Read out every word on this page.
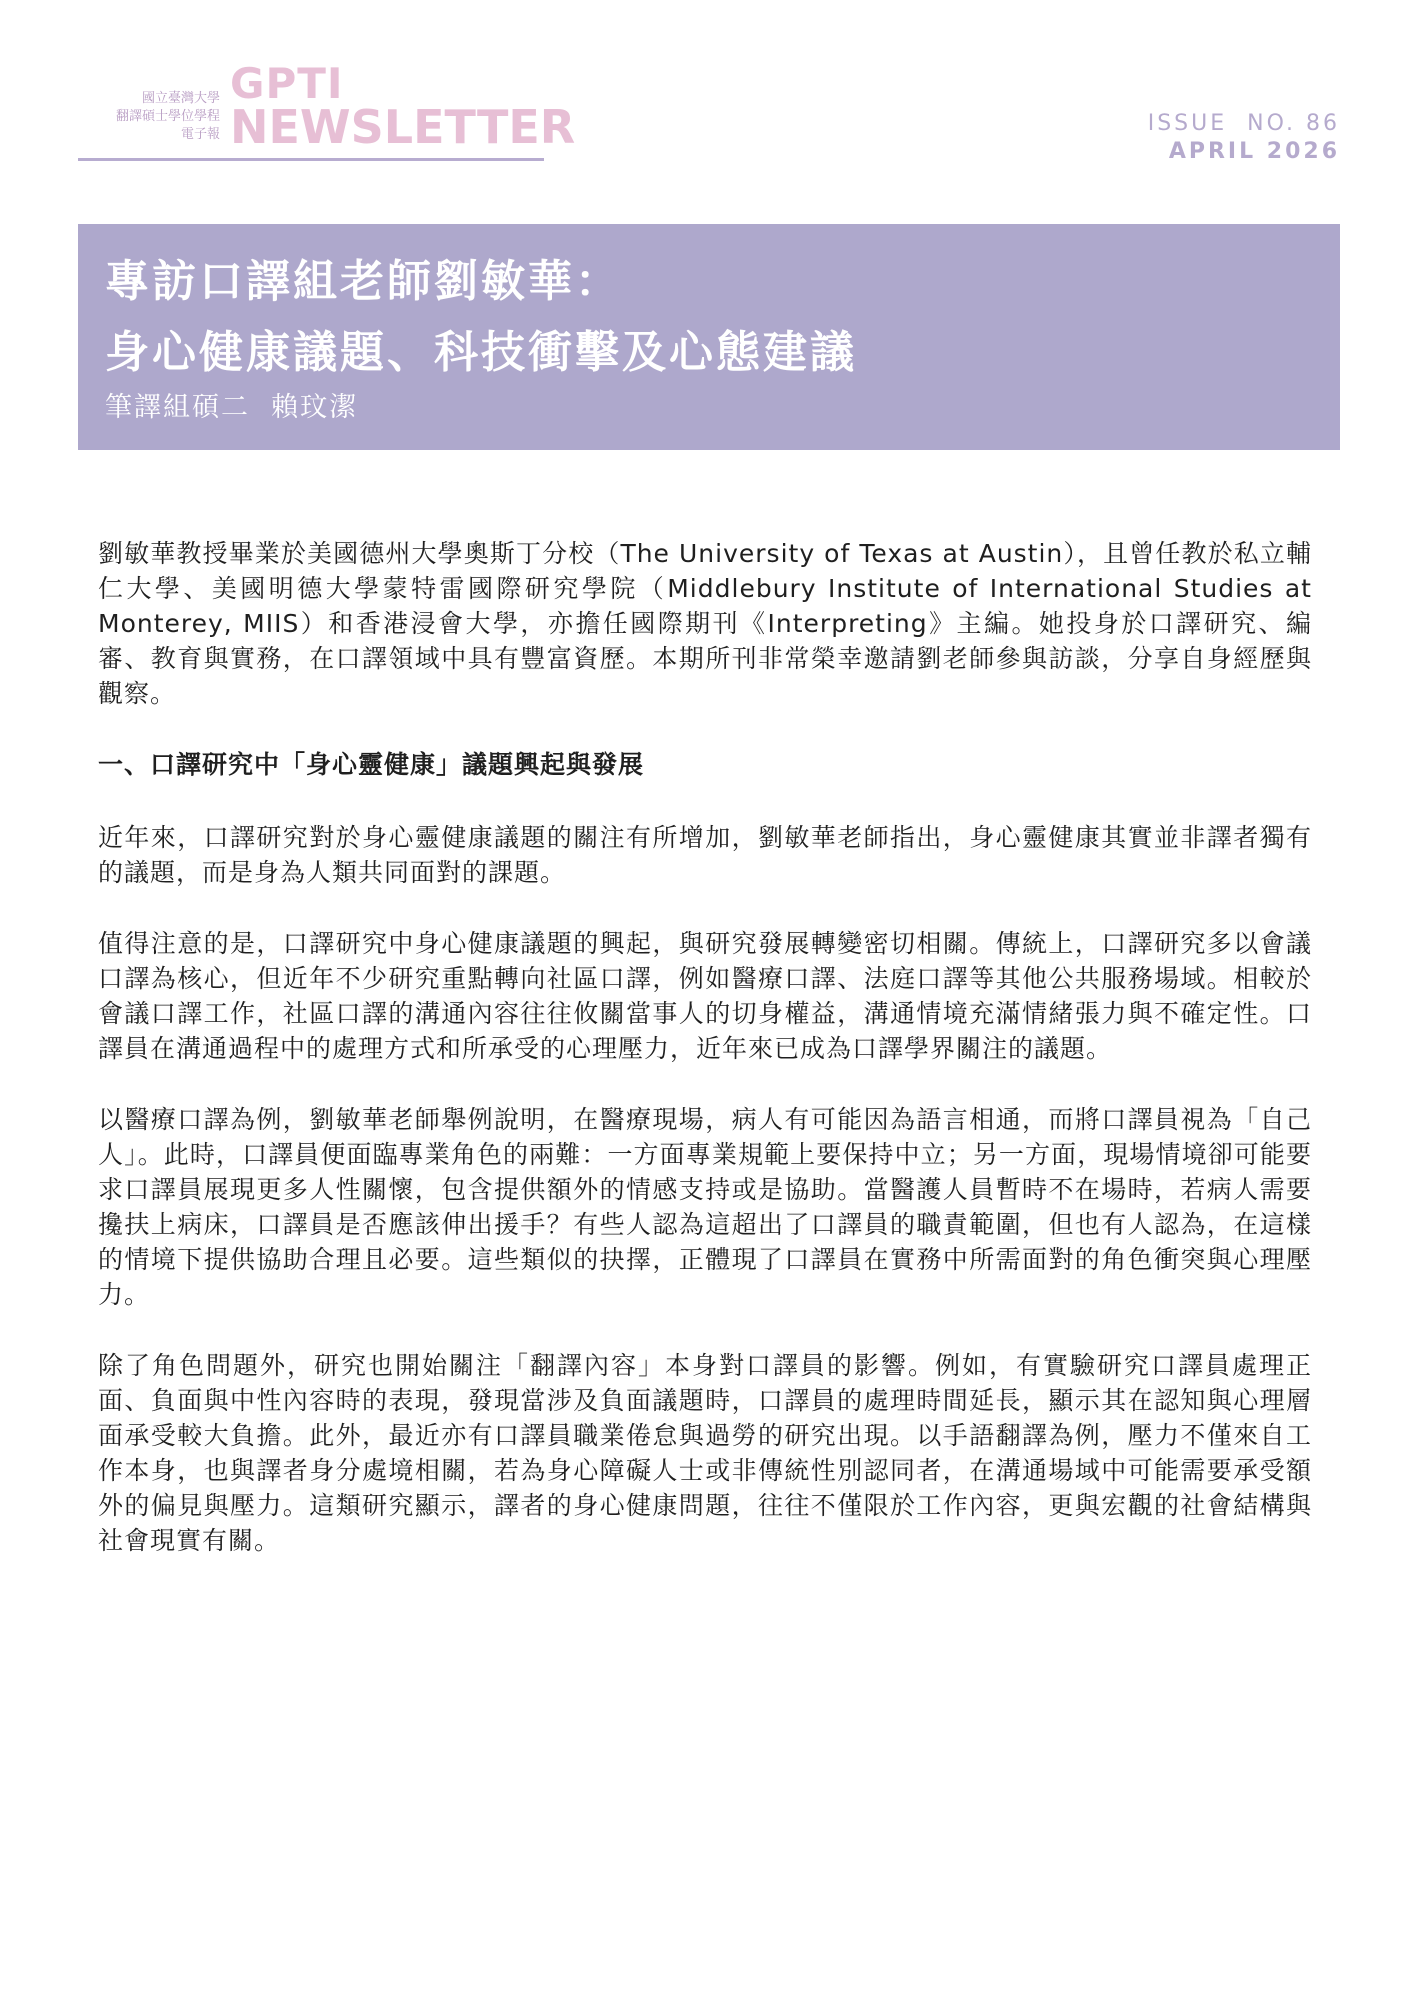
國立臺灣大學
翻譯碩士學位學程
電子報
GPTI
NEWSLETTER	ISSUE  NO. 86
APRIL 2026
專訪口譯組老師劉敏華：
身心健康議題、科技衝擊及心態建議
筆譯組碩二  賴玟潔

劉敏華教授畢業於美國德州大學奧斯丁分校（The University of Texas at Austin），且曾任教於私立輔仁大學、美國明德大學蒙特雷國際研究學院（Middlebury Institute of International Studies at Monterey, MIIS）和香港浸會大學，亦擔任國際期刊《Interpreting》主編。她投身於口譯研究、編審、教育與實務，在口譯領域中具有豐富資歷。本期所刊非常榮幸邀請劉老師參與訪談，分享自身經歷與觀察。

一、口譯研究中「身心靈健康」議題興起與發展

近年來，口譯研究對於身心靈健康議題的關注有所增加，劉敏華老師指出，身心靈健康其實並非譯者獨有的議題，而是身為人類共同面對的課題。

值得注意的是，口譯研究中身心健康議題的興起，與研究發展轉變密切相關。傳統上，口譯研究多以會議口譯為核心，但近年不少研究重點轉向社區口譯，例如醫療口譯、法庭口譯等其他公共服務場域。相較於會議口譯工作，社區口譯的溝通內容往往攸關當事人的切身權益，溝通情境充滿情緒張力與不確定性。口譯員在溝通過程中的處理方式和所承受的心理壓力，近年來已成為口譯學界關注的議題。

以醫療口譯為例，劉敏華老師舉例說明，在醫療現場，病人有可能因為語言相通，而將口譯員視為「自己人」。此時，口譯員便面臨專業角色的兩難：一方面專業規範上要保持中立；另一方面，現場情境卻可能要求口譯員展現更多人性關懷，包含提供額外的情感支持或是協助。當醫護人員暫時不在場時，若病人需要攙扶上病床，口譯員是否應該伸出援手？有些人認為這超出了口譯員的職責範圍，但也有人認為，在這樣的情境下提供協助合理且必要。這些類似的抉擇，正體現了口譯員在實務中所需面對的角色衝突與心理壓力。

除了角色問題外，研究也開始關注「翻譯內容」本身對口譯員的影響。例如，有實驗研究口譯員處理正面、負面與中性內容時的表現，發現當涉及負面議題時，口譯員的處理時間延長，顯示其在認知與心理層面承受較大負擔。此外，最近亦有口譯員職業倦怠與過勞的研究出現。以手語翻譯為例，壓力不僅來自工作本身，也與譯者身分處境相關，若為身心障礙人士或非傳統性別認同者，在溝通場域中可能需要承受額外的偏見與壓力。這類研究顯示，譯者的身心健康問題，往往不僅限於工作內容，更與宏觀的社會結構與社會現實有關。
